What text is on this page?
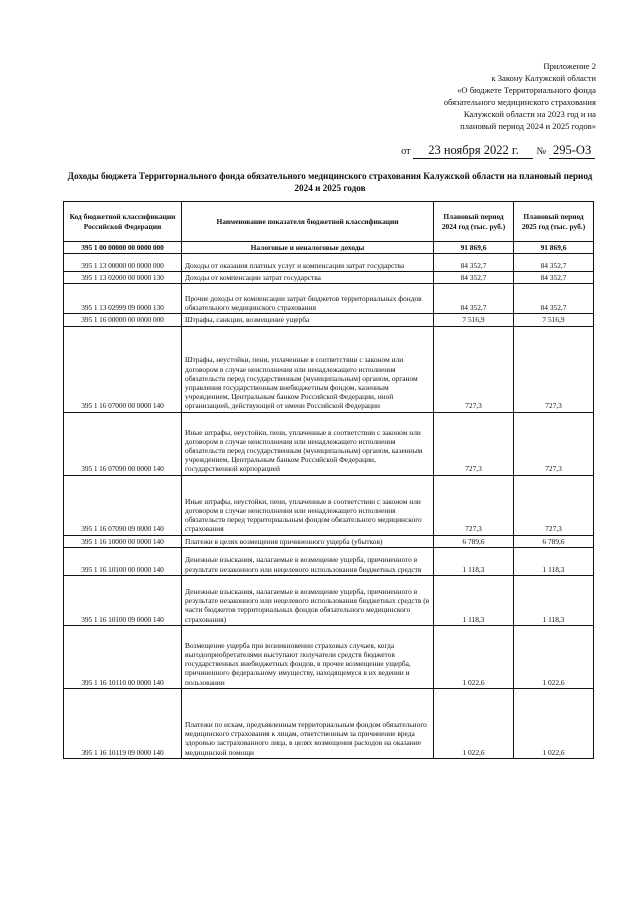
Приложение 2
к Закону Калужской области
«О бюджете Территориального фонда
обязательного медицинского страхования
Калужской области на 2023 год и на
плановый период 2024 и 2025 годов»
от	23 ноября 2022 г.	№ 295-ОЗ
Доходы бюджета Территориального фонда обязательного медицинского страхования Калужской области на плановый период 2024 и 2025 годов
Код бюджетной классификации Российской Федерации	Наименование показателя бюджетной классификации	Плановый период 2024 год (тыс. руб.)	Плановый период 2025 год (тыс. руб.)
395 1 00 00000 00 0000 000	Налоговые и неналоговые доходы	91 869,6	91 869,6
395 1 13 00000 00 0000 000	Доходы от оказания платных услуг и компенсации затрат государства	84 352,7	84 352,7
395 1 13 02000 00 0000 130	Доходы от компенсации затрат государства	84 352,7	84 352,7
395 1 13 02999 09 0000 130	Прочие доходы от компенсации затрат бюджетов территориальных фондов обязательного медицинского страхования	84 352,7	84 352,7
395 1 16 00000 00 0000 000	Штрафы, санкции, возмещение ущерба	7 516,9	7 516,9
395 1 16 07000 00 0000 140	Штрафы, неустойки, пени, уплаченные в соответствии с законом или договором в случае неисполнения или ненадлежащего исполнения обязательств перед государственным (муниципальным) органом, органом управления государственным внебюджетным фондом, казенным учреждением, Центральным банком Российской Федерации, иной организацией, действующей от имени Российской Федерации	727,3	727,3
395 1 16 07090 00 0000 140	Иные штрафы, неустойки, пени, уплаченные в соответствии с законом или договором в случае неисполнения или ненадлежащего исполнения обязательств перед государственным (муниципальным) органом, казенным учреждением, Центральным банком Российской Федерации, государственной корпорацией	727,3	727,3
395 1 16 07090 09 0000 140	Иные штрафы, неустойки, пени, уплаченные в соответствии с законом или договором в случае неисполнения или ненадлежащего исполнения обязательств перед территориальным фондом обязательного медицинского страхования	727,3	727,3
395 1 16 10000 00 0000 140	Платежи в целях возмещения причиненного ущерба (убытков)	6 789,6	6 789,6
395 1 16 10100 00 0000 140	Денежные взыскания, налагаемые в возмещение ущерба, причиненного в результате незаконного или нецелевого использования бюджетных средств	1 118,3	1 118,3
395 1 16 10100 09 0000 140	Денежные взыскания, налагаемые в возмещение ущерба, причиненного в результате незаконного или нецелевого использования бюджетных средств (в части бюджетов территориальных фондов обязательного медицинского страхования)	1 118,3	1 118,3
395 1 16 10110 00 0000 140	Возмещение ущерба при возникновении страховых случаев, когда выгодоприобретателями выступают получатели средств бюджетов государственных внебюджетных фондов, в прочее возмещение ущерба, причиненного федеральному имуществу, находящемуся в их ведении и пользовании	1 022,6	1 022,6
395 1 16 10119 09 0000 140	Платежи по искам, предъявленным территориальным фондом обязательного медицинского страхования к лицам, ответственным за причинение вреда здоровью застрахованного лица, в целях возмещения расходов на оказание медицинской помощи	1 022,6	1 022,6
